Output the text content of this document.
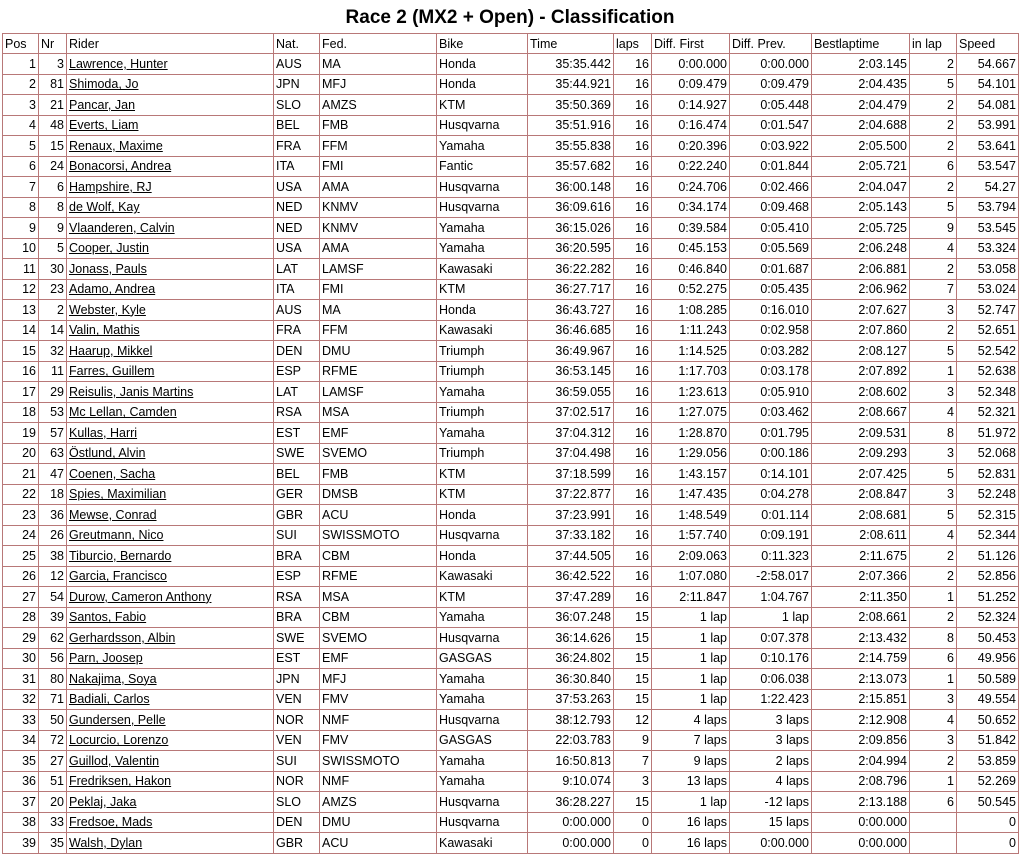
Race 2 (MX2 + Open) - Classification
Pos	Nr	Rider	Nat.	Fed.	Bike	Time	laps	Diff. First	Diff. Prev.	Bestlaptime	in lap	Speed
1	3	Lawrence, Hunter	AUS	MA	Honda	35:35.442	16	0:00.000	0:00.000	2:03.145	2	54.667
2	81	Shimoda, Jo	JPN	MFJ	Honda	35:44.921	16	0:09.479	0:09.479	2:04.435	5	54.101
3	21	Pancar, Jan	SLO	AMZS	KTM	35:50.369	16	0:14.927	0:05.448	2:04.479	2	54.081
4	48	Everts, Liam	BEL	FMB	Husqvarna	35:51.916	16	0:16.474	0:01.547	2:04.688	2	53.991
5	15	Renaux, Maxime	FRA	FFM	Yamaha	35:55.838	16	0:20.396	0:03.922	2:05.500	2	53.641
6	24	Bonacorsi, Andrea	ITA	FMI	Fantic	35:57.682	16	0:22.240	0:01.844	2:05.721	6	53.547
7	6	Hampshire, RJ	USA	AMA	Husqvarna	36:00.148	16	0:24.706	0:02.466	2:04.047	2	54.27
8	8	de Wolf, Kay	NED	KNMV	Husqvarna	36:09.616	16	0:34.174	0:09.468	2:05.143	5	53.794
9	9	Vlaanderen, Calvin	NED	KNMV	Yamaha	36:15.026	16	0:39.584	0:05.410	2:05.725	9	53.545
10	5	Cooper, Justin	USA	AMA	Yamaha	36:20.595	16	0:45.153	0:05.569	2:06.248	4	53.324
11	30	Jonass, Pauls	LAT	LAMSF	Kawasaki	36:22.282	16	0:46.840	0:01.687	2:06.881	2	53.058
12	23	Adamo, Andrea	ITA	FMI	KTM	36:27.717	16	0:52.275	0:05.435	2:06.962	7	53.024
13	2	Webster, Kyle	AUS	MA	Honda	36:43.727	16	1:08.285	0:16.010	2:07.627	3	52.747
14	14	Valin, Mathis	FRA	FFM	Kawasaki	36:46.685	16	1:11.243	0:02.958	2:07.860	2	52.651
15	32	Haarup, Mikkel	DEN	DMU	Triumph	36:49.967	16	1:14.525	0:03.282	2:08.127	5	52.542
16	11	Farres, Guillem	ESP	RFME	Triumph	36:53.145	16	1:17.703	0:03.178	2:07.892	1	52.638
17	29	Reisulis, Janis Martins	LAT	LAMSF	Yamaha	36:59.055	16	1:23.613	0:05.910	2:08.602	3	52.348
18	53	Mc Lellan, Camden	RSA	MSA	Triumph	37:02.517	16	1:27.075	0:03.462	2:08.667	4	52.321
19	57	Kullas, Harri	EST	EMF	Yamaha	37:04.312	16	1:28.870	0:01.795	2:09.531	8	51.972
20	63	Östlund, Alvin	SWE	SVEMO	Triumph	37:04.498	16	1:29.056	0:00.186	2:09.293	3	52.068
21	47	Coenen, Sacha	BEL	FMB	KTM	37:18.599	16	1:43.157	0:14.101	2:07.425	5	52.831
22	18	Spies, Maximilian	GER	DMSB	KTM	37:22.877	16	1:47.435	0:04.278	2:08.847	3	52.248
23	36	Mewse, Conrad	GBR	ACU	Honda	37:23.991	16	1:48.549	0:01.114	2:08.681	5	52.315
24	26	Greutmann, Nico	SUI	SWISSMOTO	Husqvarna	37:33.182	16	1:57.740	0:09.191	2:08.611	4	52.344
25	38	Tiburcio, Bernardo	BRA	CBM	Honda	37:44.505	16	2:09.063	0:11.323	2:11.675	2	51.126
26	12	Garcia, Francisco	ESP	RFME	Kawasaki	36:42.522	16	1:07.080	-2:58.017	2:07.366	2	52.856
27	54	Durow, Cameron Anthony	RSA	MSA	KTM	37:47.289	16	2:11.847	1:04.767	2:11.350	1	51.252
28	39	Santos, Fabio	BRA	CBM	Yamaha	36:07.248	15	1 lap	1 lap	2:08.661	2	52.324
29	62	Gerhardsson, Albin	SWE	SVEMO	Husqvarna	36:14.626	15	1 lap	0:07.378	2:13.432	8	50.453
30	56	Parn, Joosep	EST	EMF	GASGAS	36:24.802	15	1 lap	0:10.176	2:14.759	6	49.956
31	80	Nakajima, Soya	JPN	MFJ	Yamaha	36:30.840	15	1 lap	0:06.038	2:13.073	1	50.589
32	71	Badiali, Carlos	VEN	FMV	Yamaha	37:53.263	15	1 lap	1:22.423	2:15.851	3	49.554
33	50	Gundersen, Pelle	NOR	NMF	Husqvarna	38:12.793	12	4 laps	3 laps	2:12.908	4	50.652
34	72	Locurcio, Lorenzo	VEN	FMV	GASGAS	22:03.783	9	7 laps	3 laps	2:09.856	3	51.842
35	27	Guillod, Valentin	SUI	SWISSMOTO	Yamaha	16:50.813	7	9 laps	2 laps	2:04.994	2	53.859
36	51	Fredriksen, Hakon	NOR	NMF	Yamaha	9:10.074	3	13 laps	4 laps	2:08.796	1	52.269
37	20	Peklaj, Jaka	SLO	AMZS	Husqvarna	36:28.227	15	1 lap	-12 laps	2:13.188	6	50.545
38	33	Fredsoe, Mads	DEN	DMU	Husqvarna	0:00.000	0	16 laps	15 laps	0:00.000		0
39	35	Walsh, Dylan	GBR	ACU	Kawasaki	0:00.000	0	16 laps	0:00.000	0:00.000		0
